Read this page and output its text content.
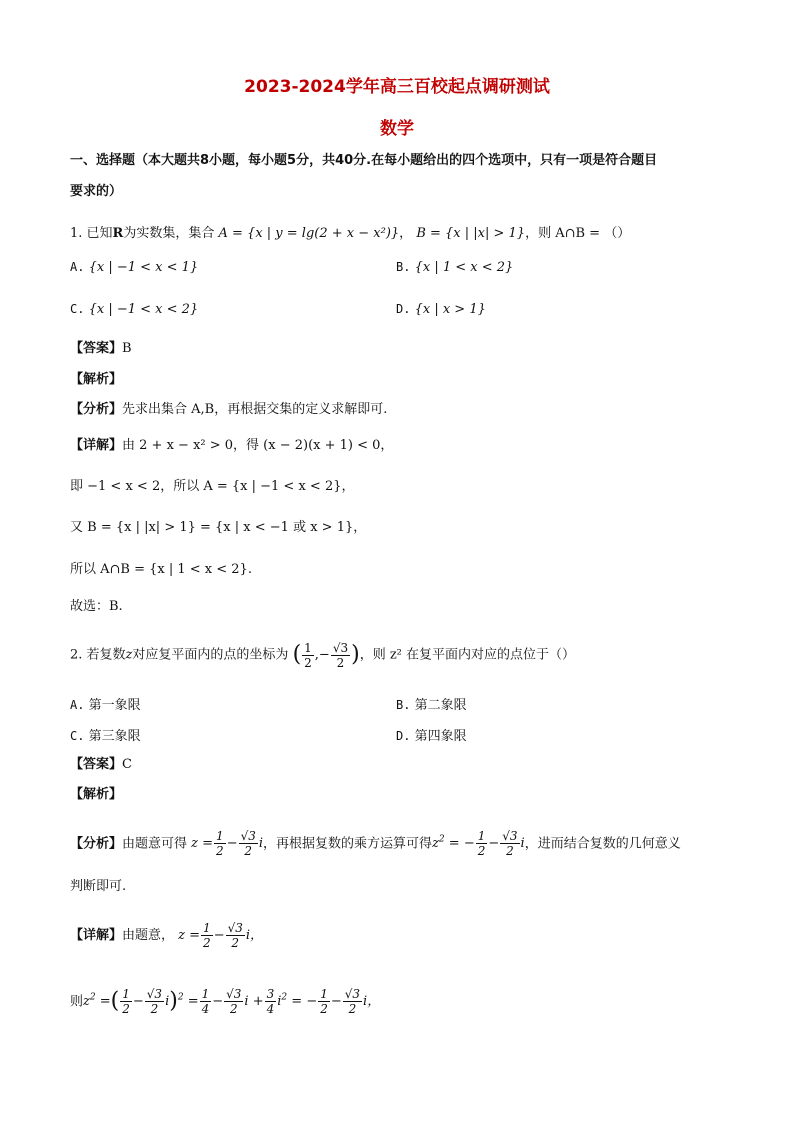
2023-2024学年高三百校起点调研测试
数学
一、选择题（本大题共8小题，每小题5分，共40分.在每小题给出的四个选项中，只有一项是符合题目
要求的）
1. 已知R为实数集，集合 A = {x | y = lg(2 + x − x²)}， B = {x | |x| > 1}，则 A∩B = （）
A. {x | −1 < x < 1}	B. {x | 1 < x < 2}
C. {x | −1 < x < 2}	D. {x | x > 1}
【答案】B
【解析】
【分析】先求出集合 A,B，再根据交集的定义求解即可.
【详解】由 2 + x − x² > 0，得 (x − 2)(x + 1) < 0，
即 −1 < x < 2，所以 A = {x | −1 < x < 2}，
又 B = {x | |x| > 1} = {x | x < −1 或 x > 1}，
所以 A∩B = {x | 1 < x < 2}.
故选：B.
2. 若复数z对应复平面内的点的坐标为 ( $\frac{1}{2}$ ,− $\frac{√3}{2}$ )，则 z² 在复平面内对应的点位于（）
A. 第一象限	B. 第二象限
C. 第三象限	D. 第四象限
【答案】C
【解析】
【分析】由题意可得 $z = \frac{1}{2} - \frac{√3}{2}$ i，再根据复数的乘方运算可得$z^2$ = − $\frac{1}{2} - \frac{√3}{2}$ i，进而结合复数的几何意义
判断即可.
【详解】由题意， $z = \frac{1}{2} - \frac{√3}{2}$ i，
则$z^2$ =( $\frac{1}{2} - \frac{√3}{2} i)^2 = \frac{1}{4} - \frac{√3}{2}$ $i + \frac{3}{4} i^2$ = − $\frac{1}{2} - \frac{√3}{2}$ i，
